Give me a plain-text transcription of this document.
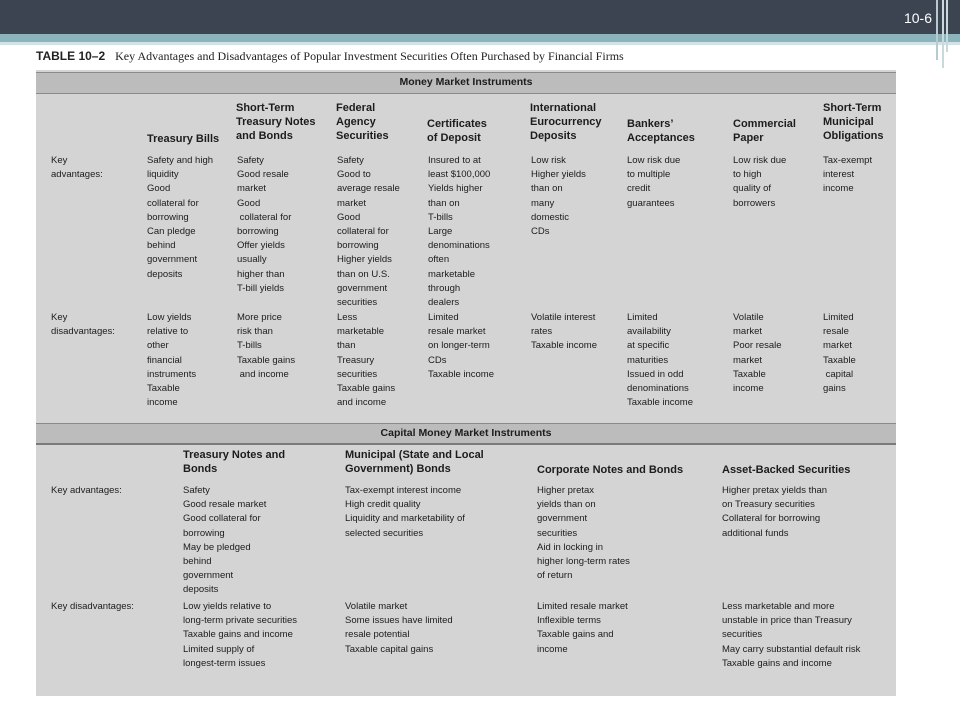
10-6
TABLE 10–2 Key Advantages and Disadvantages of Popular Investment Securities Often Purchased by Financial Firms
Money Market Instruments
Treasury Bills
Short-Term
Treasury Notes
and Bonds
Federal
Agency
Securities
Certificates
of Deposit
International
Eurocurrency
Deposits
Bankers’
Acceptances
Commercial
Paper
Short-Term
Municipal
Obligations
Key
advantages:
Key
disadvantages:
Safety and high
liquidity
Good
collateral for
borrowing
Can pledge
behind
government
deposits
Safety
Good resale
market
Good
collateral for
borrowing
Offer yields
usually
higher than
T-bill yields
Safety
Good to
average resale
market
Good
collateral for
borrowing
Higher yields
than on U.S.
government
securities
Insured to at
least $100,000
Yields higher
than on
T-bills
Large
denominations
often
marketable
through
dealers
Low risk
Higher yields
than on
many
domestic
CDs
Low risk due
to multiple
credit
guarantees
Low risk due
to high
quality of
borrowers
Tax-exempt
interest
income
Low yields
relative to
other
financial
instruments
Taxable
income
More price
risk than
T-bills
Taxable gains
and income
Less
marketable
than
Treasury
securities
Taxable gains
and income
Limited
resale market
on longer-term
CDs
Taxable income
Volatile interest
rates
Taxable income
Limited
availability
at specific
maturities
Issued in odd
denominations
Taxable income
Volatile
market
Poor resale
market
Taxable
income
Limited
resale
market
Taxable
capital
gains
Capital Money Market Instruments
Treasury Notes and
Bonds
Municipal (State and Local
Government) Bonds	Corporate Notes and Bonds	Asset-Backed Securities
Key advantages:
Key disadvantages:
Safety
Good resale market
Good collateral for
borrowing
May be pledged
behind
government
deposits
Tax-exempt interest income
High credit quality
Liquidity and marketability of
selected securities
Higher pretax
yields than on
government
securities
Aid in locking in
higher long-term rates
of return
Higher pretax yields than
on Treasury securities
Collateral for borrowing
additional funds
Low yields relative to
long-term private securities
Taxable gains and income
Limited supply of
longest-term issues
Volatile market
Some issues have limited
resale potential
Taxable capital gains
Limited resale market
Inflexible terms
Taxable gains and
income
Less marketable and more
unstable in price than Treasury
securities
May carry substantial default risk
Taxable gains and income
